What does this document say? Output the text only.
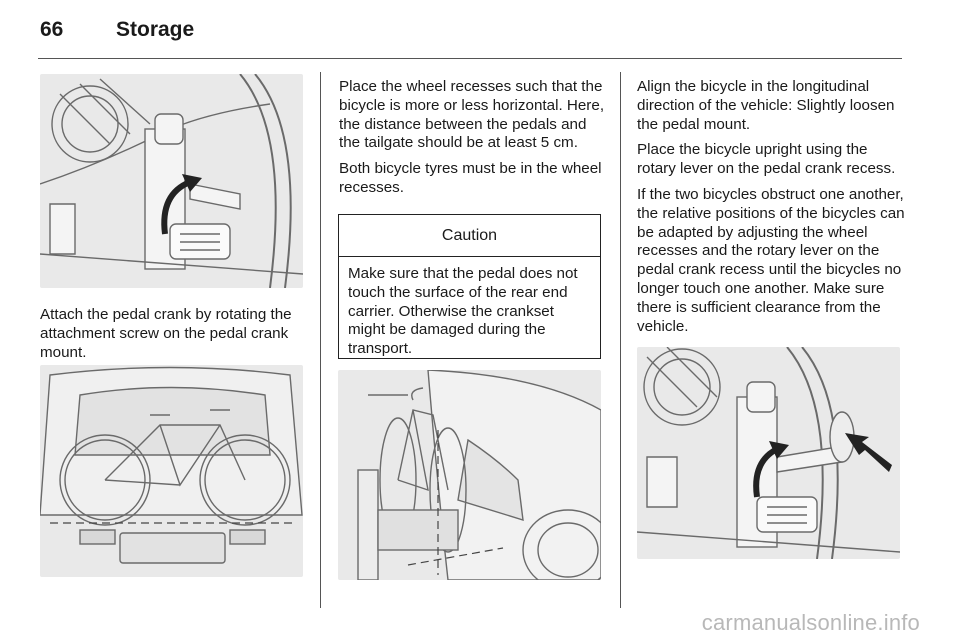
66	Storage

Attach the pedal crank by rotating the attachment screw on the pedal crank mount.

Place the wheel recesses such that the bicycle is more or less horizontal. Here, the distance between the pedals and the tailgate should be at least 5 cm.

Both bicycle tyres must be in the wheel recesses.

Caution
Make sure that the pedal does not touch the surface of the rear end carrier. Otherwise the crankset might be damaged during the transport.

Align the bicycle in the longitudinal direction of the vehicle: Slightly loosen the pedal mount.

Place the bicycle upright using the rotary lever on the pedal crank recess.

If the two bicycles obstruct one another, the relative positions of the bicycles can be adapted by adjusting the wheel recesses and the rotary lever on the pedal crank recess until the bicycles no longer touch one another. Make sure there is sufficient clearance from the vehicle.

carmanualsonline.info
